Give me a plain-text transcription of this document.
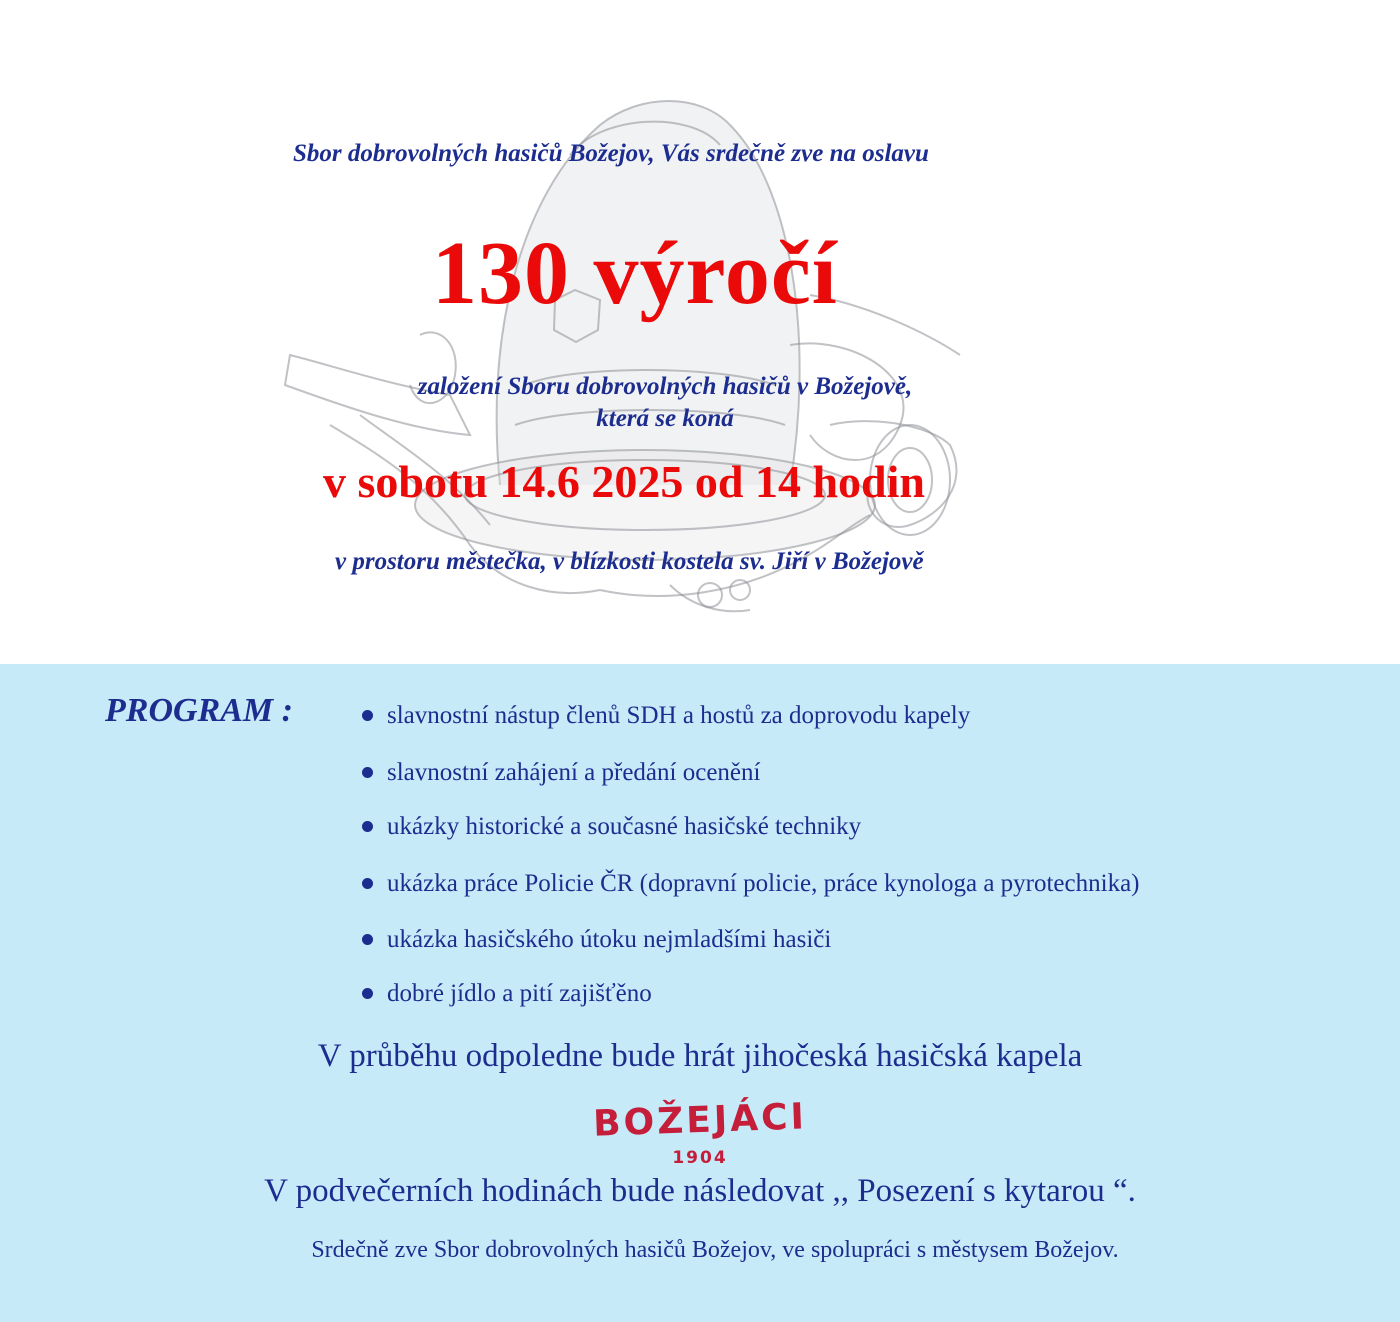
Sbor dobrovolných hasičů Božejov, Vás srdečně zve na oslavu
130 výročí
založení Sboru dobrovolných hasičů v Božejově,
která se koná
v sobotu 14.6 2025 od 14 hodin
v prostoru městečka, v blízkosti kostela sv. Jiří v Božejově
PROGRAM :	slavnostní nástup členů SDH a hostů za doprovodu kapely
slavnostní zahájení a předání ocenění
ukázky historické a současné hasičské techniky
ukázka práce Policie ČR (dopravní policie, práce kynologa a pyrotechnika)
ukázka hasičského útoku nejmladšími hasiči
dobré jídlo a pití zajišťěno
V průběhu odpoledne bude hrát jihočeská hasičská kapela
BOŽEJÁCI
1904
V podvečerních hodinách bude následovat ,, Posezení s kytarou “.
Srdečně zve Sbor dobrovolných hasičů Božejov, ve spolupráci s městysem Božejov.
